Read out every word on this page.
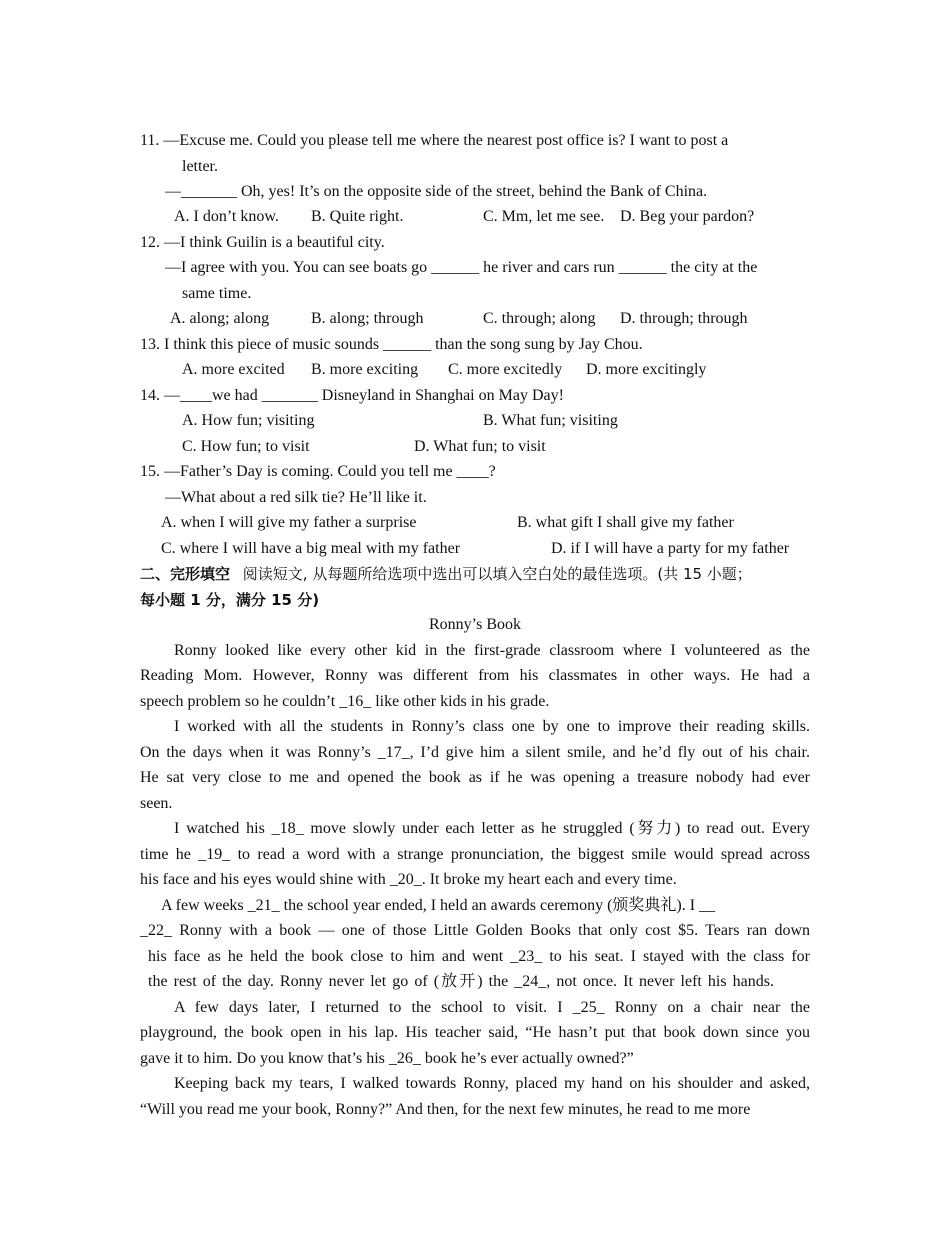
11. —Excuse me. Could you please tell me where the nearest post office is? I want to post a
letter.
—_______ Oh, yes! It’s on the opposite side of the street, behind the Bank of China.
A. I don’t know. B. Quite right.	C. Mm, let me see. D. Beg your pardon?
12. —I think Guilin is a beautiful city.
—I agree with you. You can see boats go ______ he river and cars run ______ the city at the
same time.
A. along; along	B. along; through	C. through; along D. through; through
13. I think this piece of music sounds ______ than the song sung by Jay Chou.
A. more excited B. more exciting C. more excitedly D. more excitingly
14. —____we had _______ Disneyland in Shanghai on May Day!
A. How fun; visiting	B. What fun; visiting
C. How fun; to visit	D. What fun; to visit
15. —Father’s Day is coming. Could you tell me ____?
—What about a red silk tie? He’ll like it.
A. when I will give my father a surprise	B. what gift I shall give my father
C. where I will have a big meal with my father	D. if I will have a party for my father
二、完形填空 阅读短文, 从每题所给选项中选出可以填入空白处的最佳选项。(共 15 小题；
每小题 1 分，满分 15 分)
Ronny’s Book
Ronny looked like every other kid in the first-grade classroom where I volunteered as the
Reading Mom. However, Ronny was different from his classmates in other ways. He had a
speech problem so he couldn’t _16_ like other kids in his grade.
I worked with all the students in Ronny’s class one by one to improve their reading skills.
On the days when it was Ronny’s _17_, I’d give him a silent smile, and he’d fly out of his chair.
He sat very close to me and opened the book as if he was opening a treasure nobody had ever
seen.
I watched his _18_ move slowly under each letter as he struggled (努力) to read out. Every
time he _19_ to read a word with a strange pronunciation, the biggest smile would spread across
his face and his eyes would shine with _20_. It broke my heart each and every time.
A few weeks _21_ the school year ended, I held an awards ceremony (颁奖典礼). I __
_22_ Ronny with a book — one of those Little Golden Books that only cost $5. Tears ran down
his face as he held the book close to him and went _23_ to his seat. I stayed with the class for
the rest of the day. Ronny never let go of (放开) the _24_, not once. It never left his hands.
A few days later, I returned to the school to visit. I _25_ Ronny on a chair near the
playground, the book open in his lap. His teacher said, “He hasn’t put that book down since you
gave it to him. Do you know that’s his _26_ book he’s ever actually owned?”
Keeping back my tears, I walked towards Ronny, placed my hand on his shoulder and asked,
“Will you read me your book, Ronny?” And then, for the next few minutes, he read to me more
